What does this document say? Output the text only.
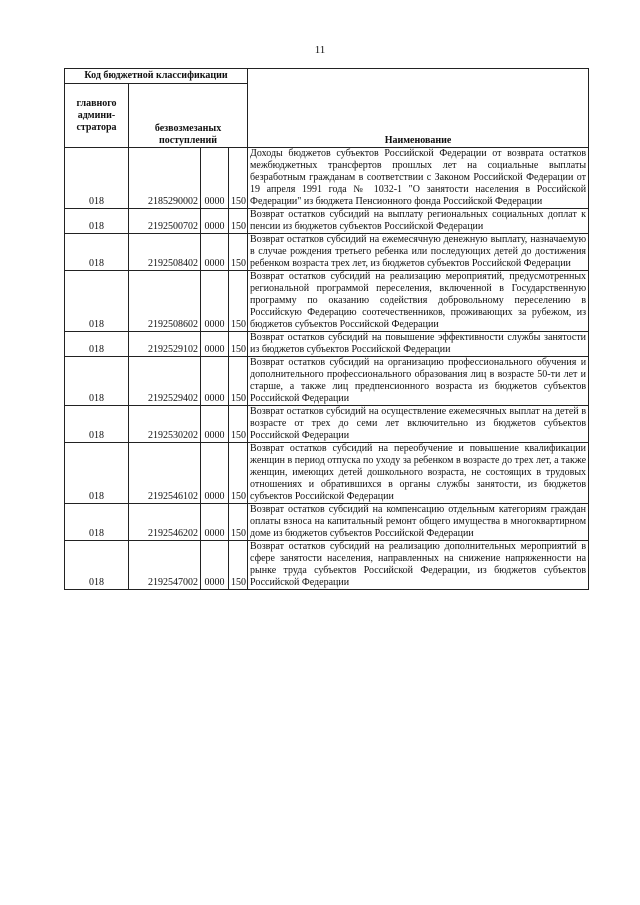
11
Код бюджетной классификации				Наименование
главного админи-стратора	безвозмезаных поступлений			
018	2185290002	0000	150	Доходы бюджетов субъектов Российской Федерации от возврата остатков межбюджетных трансфертов прошлых лет на социальные выплаты безработным гражданам в соответствии с Законом Российской Федерации от 19 апреля 1991 года № 1032-1 "О занятости населения в Российской Федерации" из бюджета Пенсионного фонда Российской Федерации
018	2192500702	0000	150	Возврат остатков субсидий на выплату региональных социальных доплат к пенсии из бюджетов субъектов Российской Федерации
018	2192508402	0000	150	Возврат остатков субсидий на ежемесячную денежную выплату, назначаемую в случае рождения третьего ребенка или последующих детей до достижения ребенком возраста трех лет, из бюджетов субъектов Российской Федерации
018	2192508602	0000	150	Возврат остатков субсидий на реализацию мероприятий, предусмотренных региональной программой переселения, включенной в Государственную программу по оказанию содействия добровольному переселению в Российскую Федерацию соотечественников, проживающих за рубежом, из бюджетов субъектов Российской Федерации
018	2192529102	0000	150	Возврат остатков субсидий на повышение эффективности службы занятости из бюджетов субъектов Российской Федерации
018	2192529402	0000	150	Возврат остатков субсидий на организацию профессионального обучения и дополнительного профессионального образования лиц в возрасте 50-ти лет и старше, а также лиц предпенсионного возраста из бюджетов субъектов Российской Федерации
018	2192530202	0000	150	Возврат остатков субсидий на осуществление ежемесячных выплат на детей в возрасте от трех до семи лет включительно из бюджетов субъектов Российской Федерации
018	2192546102	0000	150	Возврат остатков субсидий на переобучение и повышение квалификации женщин в период отпуска по уходу за ребенком в возрасте до трех лет, а также женщин, имеющих детей дошкольного возраста, не состоящих в трудовых отношениях и обратившихся в органы службы занятости, из бюджетов субъектов Российской Федерации
018	2192546202	0000	150	Возврат остатков субсидий на компенсацию отдельным категориям граждан оплаты взноса на капитальный ремонт общего имущества в многоквартирном доме из бюджетов субъектов Российской Федерации
018	2192547002	0000	150	Возврат остатков субсидий на реализацию дополнительных мероприятий в сфере занятости населения, направленных на снижение напряженности на рынке труда субъектов Российской Федерации, из бюджетов субъектов Российской Федерации
